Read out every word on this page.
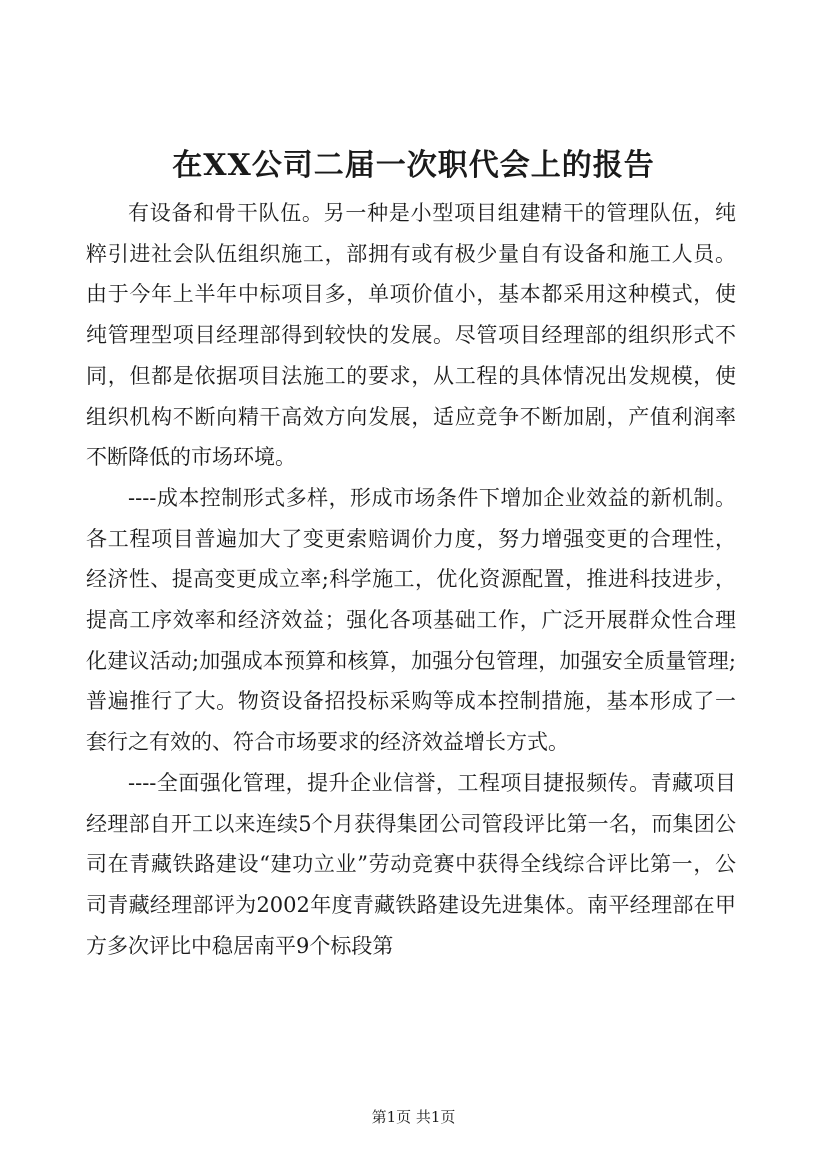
在XX公司二届一次职代会上的报告

有设备和骨干队伍。另一种是小型项目组建精干的管理队伍，纯粹引进社会队伍组织施工，部拥有或有极少量自有设备和施工人员。由于今年上半年中标项目多，单项价值小，基本都采用这种模式，使纯管理型项目经理部得到较快的发展。尽管项目经理部的组织形式不同，但都是依据项目法施工的要求，从工程的具体情况出发规模，使组织机构不断向精干高效方向发展，适应竞争不断加剧，产值利润率不断降低的市场环境。

----成本控制形式多样，形成市场条件下增加企业效益的新机制。各工程项目普遍加大了变更索赔调价力度，努力增强变更的合理性，经济性、提高变更成立率;科学施工，优化资源配置，推进科技进步，提高工序效率和经济效益；强化各项基础工作，广泛开展群众性合理化建议活动;加强成本预算和核算，加强分包管理，加强安全质量管理;普遍推行了大。物资设备招投标采购等成本控制措施，基本形成了一套行之有效的、符合市场要求的经济效益增长方式。

----全面强化管理，提升企业信誉，工程项目捷报频传。青藏项目经理部自开工以来连续5个月获得集团公司管段评比第一名，而集团公司在青藏铁路建设“建功立业”劳动竞赛中获得全线综合评比第一，公司青藏经理部评为2002年度青藏铁路建设先进集体。南平经理部在甲方多次评比中稳居南平9个标段第

第1页 共1页
